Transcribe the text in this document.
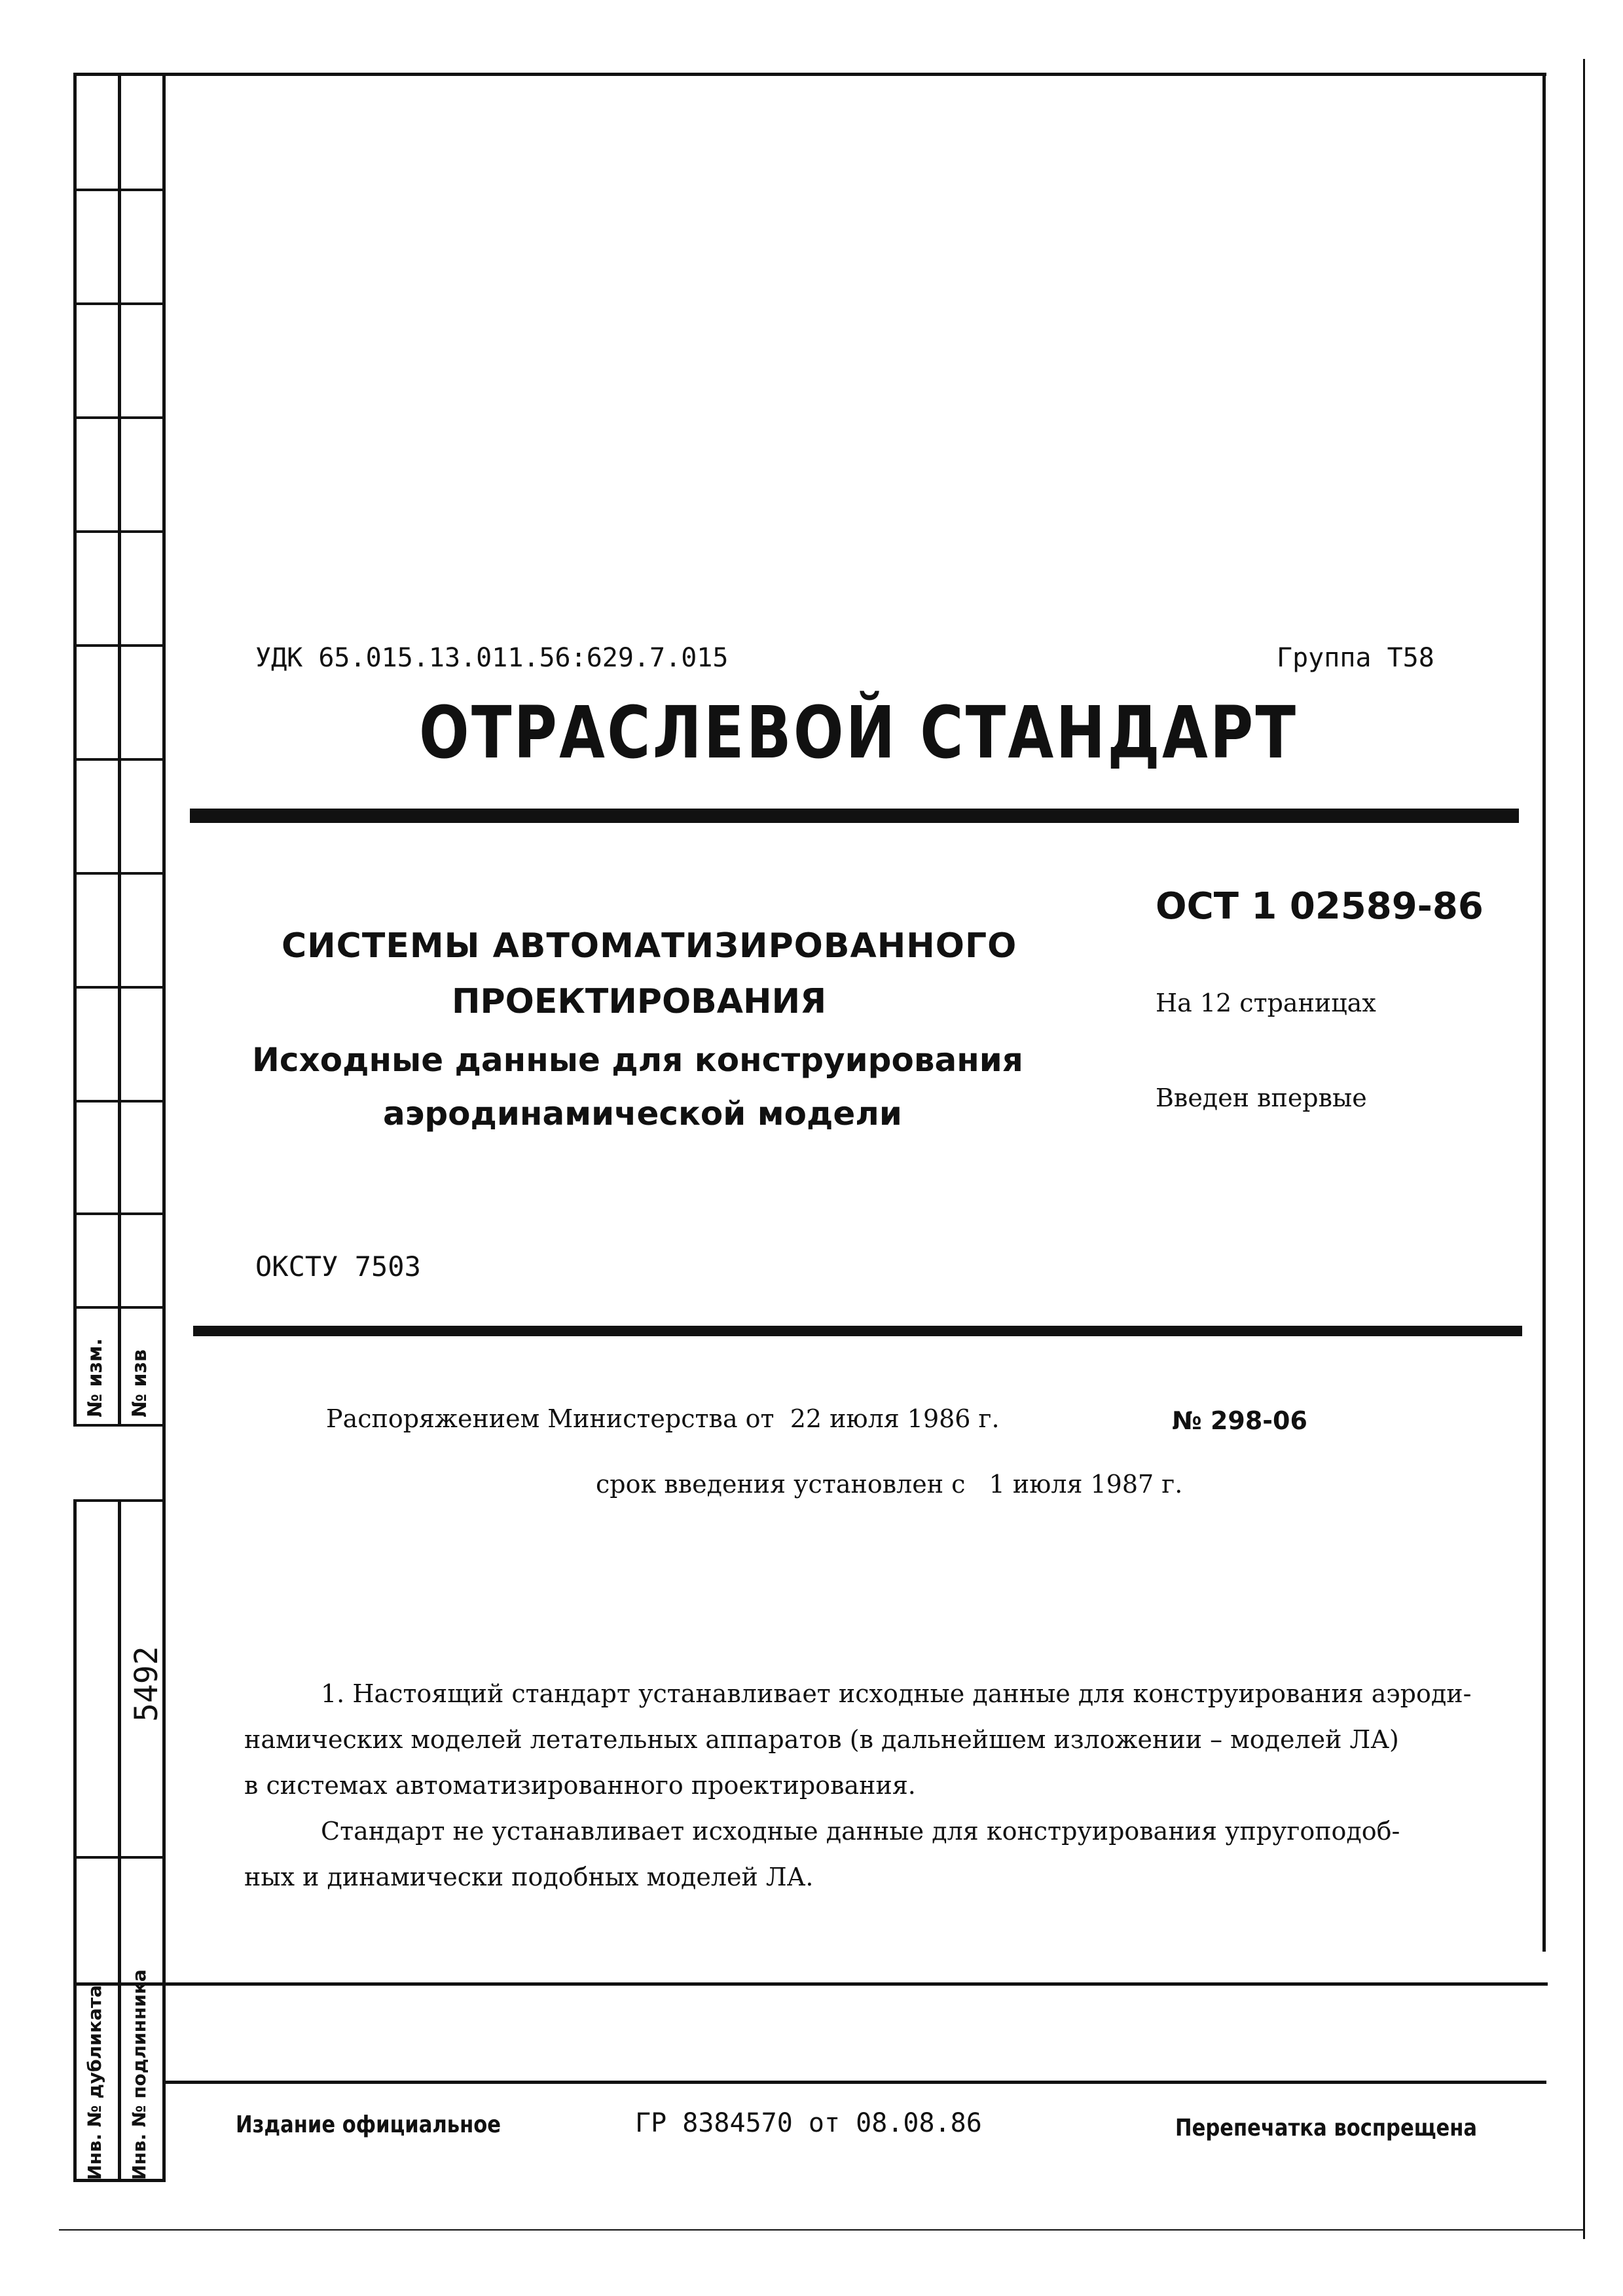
№ изм. № изв
5492
Инв. № дубликата Инв. № подлинника
УДК 65.015.13.011.56:629.7.015	Группа Т58
ОТРАСЛЕВОЙ СТАНДАРТ
СИСТЕМЫ АВТОМАТИЗИРОВАННОГО
ПРОЕКТИРОВАНИЯ
Исходные данные для конструирования
аэродинамической модели
ОСТ 1 02589-86
На 12 страницах
Введен впервые
ОКСТУ 7503
Распоряжением Министерства от  22 июля 1986 г.	№ 298-06
срок введения установлен с   1 июля 1987 г.
1. Настоящий стандарт устанавливает исходные данные для конструирования аэроди-
намических моделей летательных аппаратов (в дальнейшем изложении – моделей ЛА)
в системах автоматизированного проектирования.
Стандарт не устанавливает исходные данные для конструирования упругоподоб-
ных и динамически подобных моделей ЛА.
Издание официальное	ГР 8384570 от 08.08.86	Перепечатка воспрещена
